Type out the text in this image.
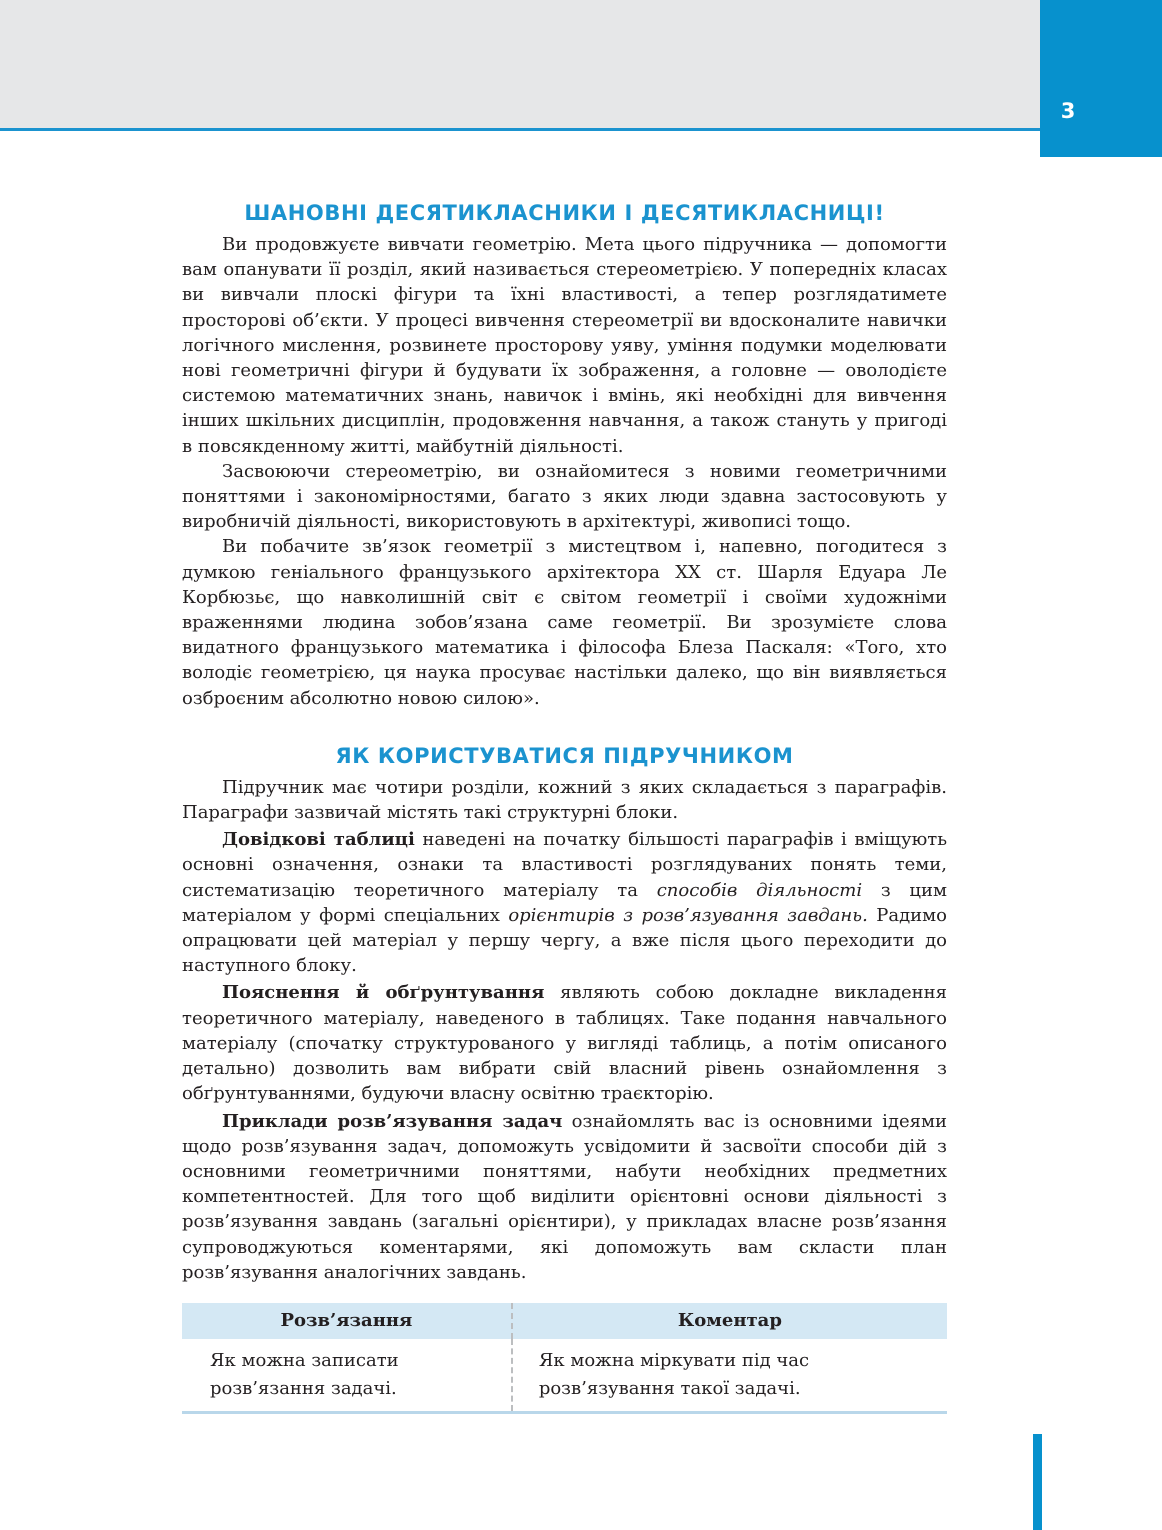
3
ШАНОВНІ ДЕСЯТИКЛАСНИКИ І ДЕСЯТИКЛАСНИЦІ!

Ви продовжуєте вивчати геометрію. Мета цього підручника — допомогти вам опанувати її розділ, який називається стереометрією. У попередніх класах ви вивчали плоскі фігури та їхні властивості, а тепер розглядатимете просторові об’єкти. У процесі вивчення стереометрії ви вдосконалите навички логічного мислення, розвинете просторову уяву, уміння подумки моделювати нові геометричні фігури й будувати їх зображення, а головне — оволодієте системою математичних знань, навичок і вмінь, які необхідні для вивчення інших шкільних дисциплін, продовження навчання, а також стануть у пригоді в повсякденному житті, майбутній діяльності.

Засвоюючи стереометрію, ви ознайомитеся з новими геометричними поняттями і закономірностями, багато з яких люди здавна застосовують у виробничій діяльності, використовують в архітектурі, живописі тощо.

Ви побачите зв’язок геометрії з мистецтвом і, напевно, погодитеся з думкою геніального французького архітектора XX ст. Шарля Едуара Ле Корбюзьє, що навколишній світ є світом геометрії і своїми художніми враженнями людина зобов’язана саме геометрії. Ви зрозумієте слова видатного французького математика і філософа Блеза Паскаля: «Того, хто володіє геометрією, ця наука просуває настільки далеко, що він виявляється озброєним абсолютно новою силою».

ЯК КОРИСТУВАТИСЯ ПІДРУЧНИКОМ

Підручник має чотири розділи, кожний з яких складається з параграфів. Параграфи зазвичай містять такі структурні блоки.

Довідкові таблиці наведені на початку більшості параграфів і вміщують основні означення, ознаки та властивості розглядуваних понять теми, систематизацію теоретичного матеріалу та способів діяльності з цим матеріалом у формі спеціальних орієнтирів з розв’язування завдань. Радимо опрацювати цей матеріал у першу чергу, а вже після цього переходити до наступного блоку.

Пояснення й обґрунтування являють собою докладне викладення теоретичного матеріалу, наведеного в таблицях. Таке подання навчального матеріалу (спочатку структурованого у вигляді таблиць, а потім описаного детально) дозволить вам вибрати свій власний рівень ознайомлення з обґрунтуваннями, будуючи власну освітню траєкторію.

Приклади розв’язування задач ознайомлять вас із основними ідеями щодо розв’язування задач, допоможуть усвідомити й засвоїти способи дій з основними геометричними поняттями, набути необхідних предметних компетентностей. Для того щоб виділити орієнтовні основи діяльності з розв’язування завдань (загальні орієнтири), у прикладах власне розв’язання супроводжуються коментарями, які допоможуть вам скласти план розв’язування аналогічних завдань.

Розв’язання	Коментар
Як можна записати розв’язання задачі.	Як можна міркувати під час розв’язування такої задачі.
